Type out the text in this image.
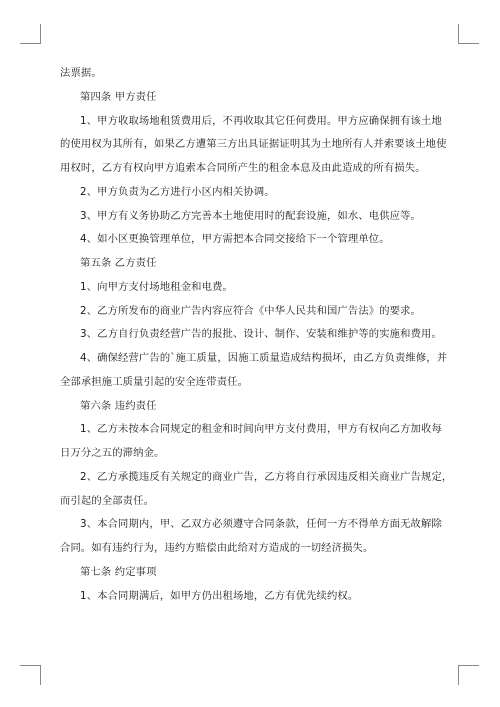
法票据。

第四条 甲方责任

1、甲方收取场地租赁费用后，不再收取其它任何费用。甲方应确保拥有该土地

的使用权为其所有，如果乙方遭第三方出具证据证明其为土地所有人并索要该土地使

用权时，乙方有权向甲方追索本合同所产生的租金本息及由此造成的所有损失。

2、甲方负责为乙方进行小区内相关协调。

3、甲方有义务协助乙方完善本土地使用时的配套设施，如水、电供应等。

4、如小区更换管理单位，甲方需把本合同交接给下一个管理单位。

第五条 乙方责任

1、向甲方支付场地租金和电费。

2、乙方所发布的商业广告内容应符合《中华人民共和国广告法》的要求。

3、乙方自行负责经营广告的报批、设计、制作、安装和维护等的实施和费用。

4、确保经营广告的`施工质量，因施工质量造成结构损坏，由乙方负责维修，并

全部承担施工质量引起的安全连带责任。

第六条 违约责任

1、乙方未按本合同规定的租金和时间向甲方支付费用，甲方有权向乙方加收每

日万分之五的滞纳金。

2、乙方承揽违反有关规定的商业广告，乙方将自行承因违反相关商业广告规定，

而引起的全部责任。

3、本合同期内，甲、乙双方必须遵守合同条款，任何一方不得单方面无故解除

合同。如有违约行为，违约方赔偿由此给对方造成的一切经济损失。

第七条 约定事项

1、本合同期满后，如甲方仍出租场地，乙方有优先续约权。
